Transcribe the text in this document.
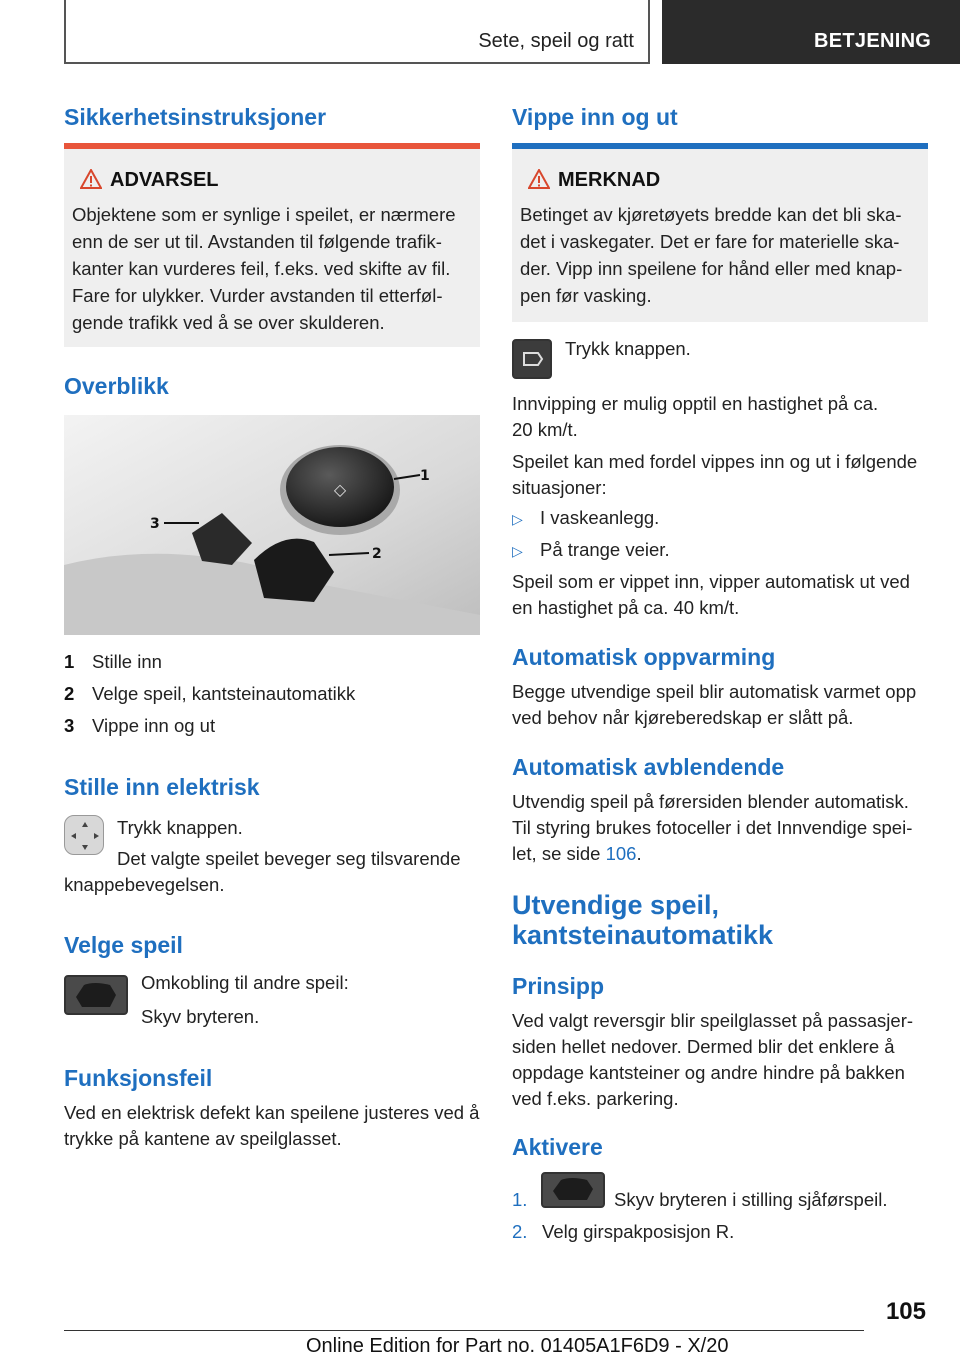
Sete, speil og ratt	BETJENING
Sikkerhetsinstruksjoner
ADVARSEL
Objektene som er synlige i speilet, er nærmere enn de ser ut til. Avstanden til følgende trafikkanter kan vurderes feil, f.eks. ved skifte av fil. Fare for ulykker. Vurder avstanden til etterfølgende trafikk ved å se over skulderen.
Overblikk
◇
1
2
3
1 Stille inn
2 Velge speil, kantsteinautomatikk
3 Vippe inn og ut
Stille inn elektrisk
Trykk knappen.
Det valgte speilet beveger seg tilsvarende knappebevegelsen.
Velge speil
Omkobling til andre speil:
Skyv bryteren.
Funksjonsfeil
Ved en elektrisk defekt kan speilene justeres ved å trykke på kantene av speilglasset.
Vippe inn og ut
MERKNAD
Betinget av kjøretøyets bredde kan det bli skadet i vaskegater. Det er fare for materielle skader. Vipp inn speilene for hånd eller med knappen før vasking.
Trykk knappen.
Innvipping er mulig opptil en hastighet på ca. 20 km/t.
Speilet kan med fordel vippes inn og ut i følgende situasjoner:
▷ I vaskeanlegg.
▷ På trange veier.
Speil som er vippet inn, vipper automatisk ut ved en hastighet på ca. 40 km/t.
Automatisk oppvarming
Begge utvendige speil blir automatisk varmet opp ved behov når kjøreberedskap er slått på.
Automatisk avblendende
Utvendig speil på førersiden blender automatisk. Til styring brukes fotoceller i det Innvendige speilet, se side 106.
Utvendige speil, kantsteinautomatikk
Prinsipp
Ved valgt reversgir blir speilglasset på passasjersiden hellet nedover. Dermed blir det enklere å oppdage kantsteiner og andre hindre på bakken ved f.eks. parkering.
Aktivere
1.	Skyv bryteren i stilling sjåførspeil.
2. Velg girspakposisjon R.
105
Online Edition for Part no. 01405A1F6D9 - X/20
